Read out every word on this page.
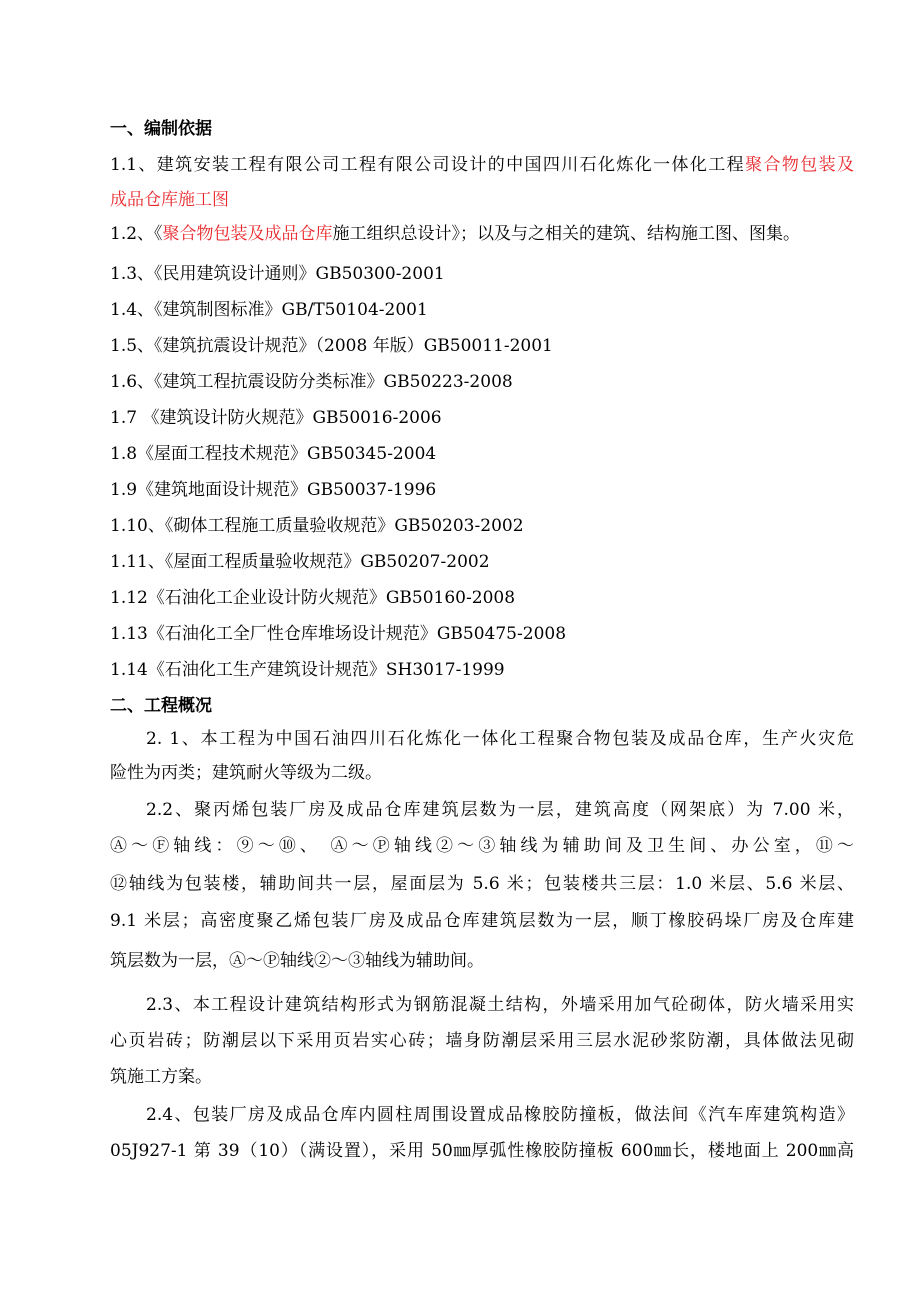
一、编制依据
1.1、建筑安装工程有限公司工程有限公司设计的中国四川石化炼化一体化工程聚合物包装及
成品仓库施工图
1.2、《聚合物包装及成品仓库施工组织总设计》；以及与之相关的建筑、结构施工图、图集。
1.3、《民用建筑设计通则》GB50300-2001
1.4、《建筑制图标准》GB/T50104-2001
1.5、《建筑抗震设计规范》（2008 年版）GB50011-2001
1.6、《建筑工程抗震设防分类标准》GB50223-2008
1.7 《建筑设计防火规范》GB50016-2006
1.8《屋面工程技术规范》GB50345-2004
1.9《建筑地面设计规范》GB50037-1996
1.10、《砌体工程施工质量验收规范》GB50203-2002
1.11、《屋面工程质量验收规范》GB50207-2002
1.12《石油化工企业设计防火规范》GB50160-2008
1.13《石油化工全厂性仓库堆场设计规范》GB50475-2008
1.14《石油化工生产建筑设计规范》SH3017-1999
二、工程概况
2. 1、本工程为中国石油四川石化炼化一体化工程聚合物包装及成品仓库，生产火灾危
险性为丙类；建筑耐火等级为二级。
2.2、聚丙烯包装厂房及成品仓库建筑层数为一层，建筑高度（网架底）为 7.00 米，
Ⓐ～Ⓕ轴线：⑨～⑩、 Ⓐ～Ⓟ轴线②～③轴线为辅助间及卫生间、办公室，⑪～
⑫轴线为包装楼，辅助间共一层，屋面层为 5.6 米；包装楼共三层：1.0 米层、5.6 米层、
9.1 米层；高密度聚乙烯包装厂房及成品仓库建筑层数为一层，顺丁橡胶码垛厂房及仓库建
筑层数为一层，Ⓐ～Ⓟ轴线②～③轴线为辅助间。
2.3、本工程设计建筑结构形式为钢筋混凝土结构，外墙采用加气砼砌体，防火墙采用实
心页岩砖；防潮层以下采用页岩实心砖；墙身防潮层采用三层水泥砂浆防潮，具体做法见砌
筑施工方案。
2.4、包装厂房及成品仓库内圆柱周围设置成品橡胶防撞板，做法间《汽车库建筑构造》
05J927-1 第 39（10）（满设置），采用 50㎜厚弧性橡胶防撞板 600㎜长，楼地面上 200㎜高
